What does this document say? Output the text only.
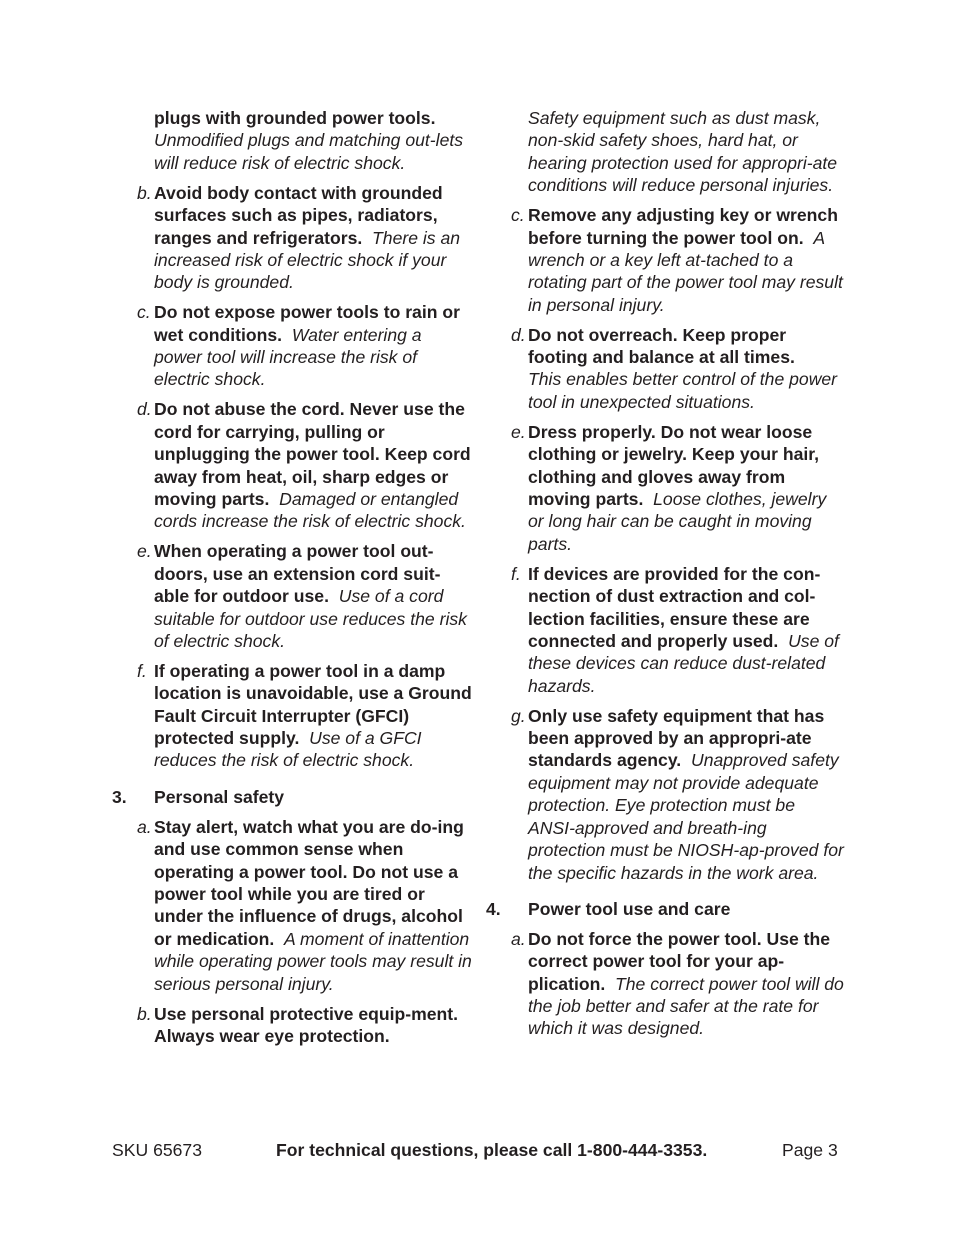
plugs with grounded power tools.
Unmodified plugs and matching out-lets will reduce risk of electric shock.
b. Avoid body contact with grounded surfaces such as pipes, radiators, ranges and refrigerators. There is an increased risk of electric shock if your body is grounded.
c. Do not expose power tools to rain or wet conditions. Water entering a power tool will increase the risk of electric shock.
d. Do not abuse the cord. Never use the cord for carrying, pulling or unplugging the power tool. Keep cord away from heat, oil, sharp edges or moving parts. Damaged or entangled cords increase the risk of electric shock.
e. When operating a power tool out-doors, use an extension cord suit-able for outdoor use. Use of a cord suitable for outdoor use reduces the risk of electric shock.
f. If operating a power tool in a damp location is unavoidable, use a Ground Fault Circuit Interrupter (GFCI) protected supply. Use of a GFCI reduces the risk of electric shock.
3. Personal safety
a. Stay alert, watch what you are do-ing and use common sense when operating a power tool. Do not use a power tool while you are tired or under the influence of drugs, alcohol or medication. A moment of inattention while operating power tools may result in serious personal injury.
b. Use personal protective equip-ment. Always wear eye protection.
Safety equipment such as dust mask, non-skid safety shoes, hard hat, or hearing protection used for appropri-ate conditions will reduce personal injuries.
c. Remove any adjusting key or wrench before turning the power tool on. A wrench or a key left at-tached to a rotating part of the power tool may result in personal injury.
d. Do not overreach. Keep proper footing and balance at all times.
This enables better control of the power tool in unexpected situations.
e. Dress properly. Do not wear loose clothing or jewelry. Keep your hair, clothing and gloves away from moving parts. Loose clothes, jewelry or long hair can be caught in moving parts.
f. If devices are provided for the con-nection of dust extraction and col-lection facilities, ensure these are connected and properly used. Use of these devices can reduce dust-related hazards.
g. Only use safety equipment that has been approved by an appropri-ate standards agency. Unapproved safety equipment may not provide adequate protection. Eye protection must be ANSI-approved and breath-ing protection must be NIOSH-ap-proved for the specific hazards in the work area.
4. Power tool use and care
a. Do not force the power tool. Use the correct power tool for your ap-plication. The correct power tool will do the job better and safer at the rate for which it was designed.
SKU 65673	For technical questions, please call 1-800-444-3353.	Page 3
